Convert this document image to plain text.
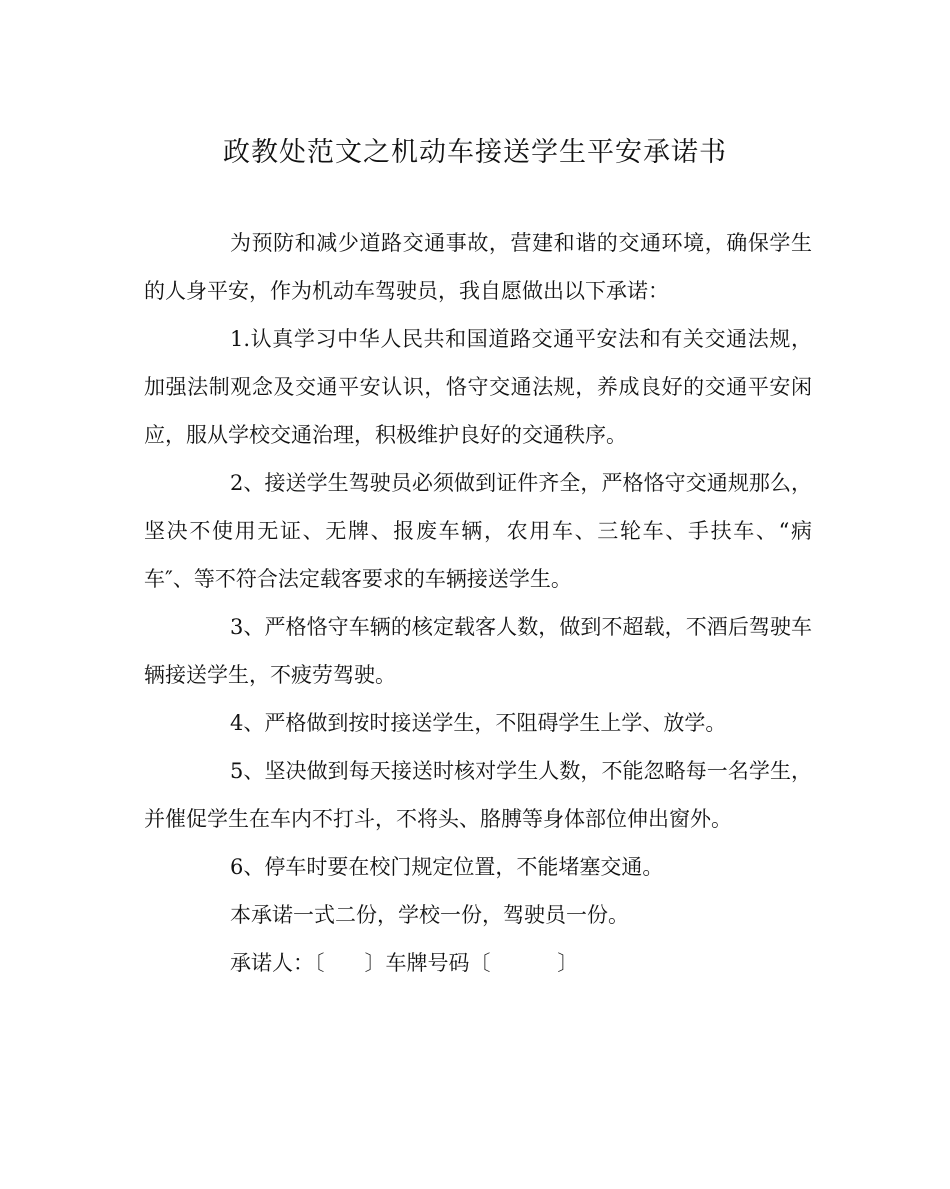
政教处范文之机动车接送学生平安承诺书

为预防和减少道路交通事故，营建和谐的交通环境，确保学生的人身平安，作为机动车驾驶员，我自愿做出以下承诺：

1.认真学习中华人民共和国道路交通平安法和有关交通法规，加强法制观念及交通平安认识，恪守交通法规，养成良好的交通平安闲应，服从学校交通治理，积极维护良好的交通秩序。

2、接送学生驾驶员必须做到证件齐全，严格恪守交通规那么，坚决不使用无证、无牌、报废车辆，农用车、三轮车、手扶车、“病车″、等不符合法定载客要求的车辆接送学生。

3、严格恪守车辆的核定载客人数，做到不超载，不酒后驾驶车辆接送学生，不疲劳驾驶。

4、严格做到按时接送学生，不阻碍学生上学、放学。

5、坚决做到每天接送时核对学生人数，不能忽略每一名学生，并催促学生在车内不打斗，不将头、胳膊等身体部位伸出窗外。

6、停车时要在校门规定位置，不能堵塞交通。

本承诺一式二份，学校一份，驾驶员一份。

承诺人：〔      〕车牌号码〔          〕
